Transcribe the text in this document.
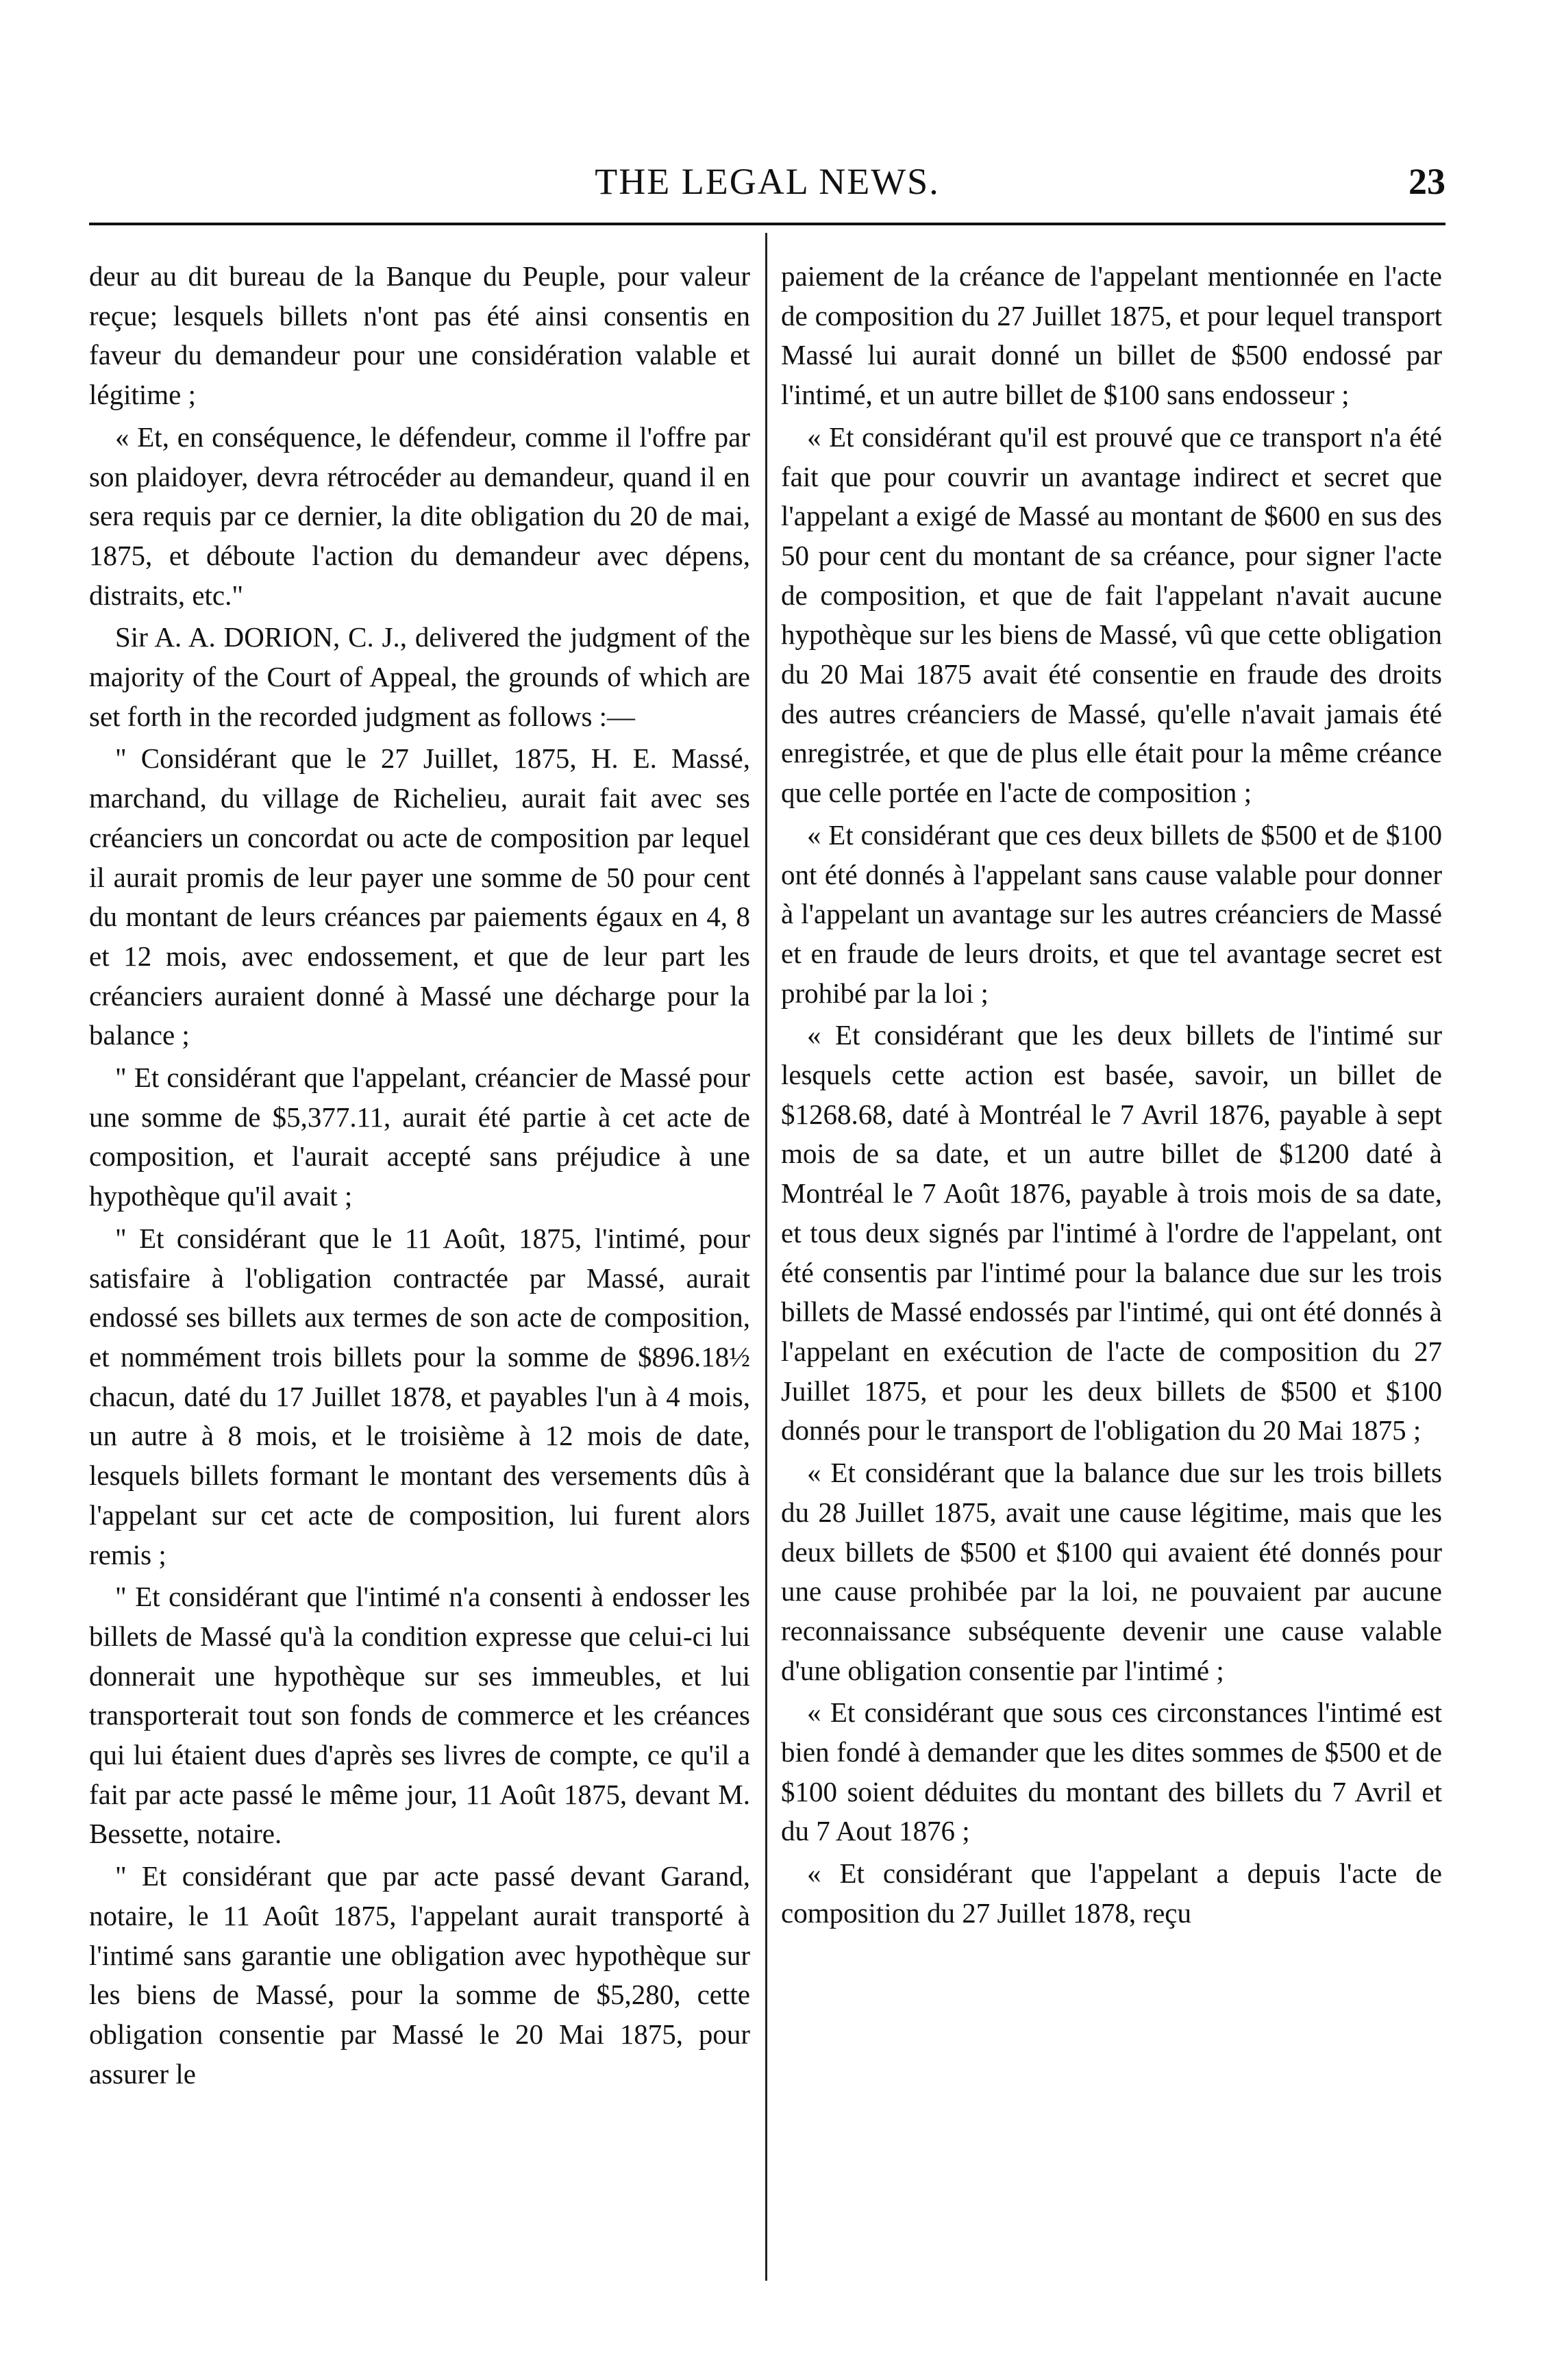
THE LEGAL NEWS.	23

deur au dit bureau de la Banque du Peuple, pour valeur reçue; lesquels billets n'ont pas été ainsi consentis en faveur du demandeur pour une considération valable et légitime ;

« Et, en conséquence, le défendeur, comme il l'offre par son plaidoyer, devra rétrocéder au demandeur, quand il en sera requis par ce dernier, la dite obligation du 20 de mai, 1875, et déboute l'action du demandeur avec dépens, distraits, etc."

Sir A. A. DORION, C. J., delivered the judgment of the majority of the Court of Appeal, the grounds of which are set forth in the recorded judgment as follows :—

" Considérant que le 27 Juillet, 1875, H. E. Massé, marchand, du village de Richelieu, aurait fait avec ses créanciers un concordat ou acte de composition par lequel il aurait promis de leur payer une somme de 50 pour cent du montant de leurs créances par paiements égaux en 4, 8 et 12 mois, avec endossement, et que de leur part les créanciers auraient donné à Massé une décharge pour la balance ;

" Et considérant que l'appelant, créancier de Massé pour une somme de $5,377.11, aurait été partie à cet acte de composition, et l'aurait accepté sans préjudice à une hypothèque qu'il avait ;

" Et considérant que le 11 Août, 1875, l'intimé, pour satisfaire à l'obligation contractée par Massé, aurait endossé ses billets aux termes de son acte de composition, et nommément trois billets pour la somme de $896.18½ chacun, daté du 17 Juillet 1878, et payables l'un à 4 mois, un autre à 8 mois, et le troisième à 12 mois de date, lesquels billets formant le montant des versements dûs à l'appelant sur cet acte de composition, lui furent alors remis ;

" Et considérant que l'intimé n'a consenti à endosser les billets de Massé qu'à la condition expresse que celui-ci lui donnerait une hypothèque sur ses immeubles, et lui transporterait tout son fonds de commerce et les créances qui lui étaient dues d'après ses livres de compte, ce qu'il a fait par acte passé le même jour, 11 Août 1875, devant M. Bessette, notaire.

" Et considérant que par acte passé devant Garand, notaire, le 11 Août 1875, l'appelant aurait transporté à l'intimé sans garantie une obligation avec hypothèque sur les biens de Massé, pour la somme de $5,280, cette obligation consentie par Massé le 20 Mai 1875, pour assurer le

paiement de la créance de l'appelant mentionnée en l'acte de composition du 27 Juillet 1875, et pour lequel transport Massé lui aurait donné un billet de $500 endossé par l'intimé, et un autre billet de $100 sans endosseur ;

« Et considérant qu'il est prouvé que ce transport n'a été fait que pour couvrir un avantage indirect et secret que l'appelant a exigé de Massé au montant de $600 en sus des 50 pour cent du montant de sa créance, pour signer l'acte de composition, et que de fait l'appelant n'avait aucune hypothèque sur les biens de Massé, vû que cette obligation du 20 Mai 1875 avait été consentie en fraude des droits des autres créanciers de Massé, qu'elle n'avait jamais été enregistrée, et que de plus elle était pour la même créance que celle portée en l'acte de composition ;

« Et considérant que ces deux billets de $500 et de $100 ont été donnés à l'appelant sans cause valable pour donner à l'appelant un avantage sur les autres créanciers de Massé et en fraude de leurs droits, et que tel avantage secret est prohibé par la loi ;

« Et considérant que les deux billets de l'intimé sur lesquels cette action est basée, savoir, un billet de $1268.68, daté à Montréal le 7 Avril 1876, payable à sept mois de sa date, et un autre billet de $1200 daté à Montréal le 7 Août 1876, payable à trois mois de sa date, et tous deux signés par l'intimé à l'ordre de l'appelant, ont été consentis par l'intimé pour la balance due sur les trois billets de Massé endossés par l'intimé, qui ont été donnés à l'appelant en exécution de l'acte de composition du 27 Juillet 1875, et pour les deux billets de $500 et $100 donnés pour le transport de l'obligation du 20 Mai 1875 ;

« Et considérant que la balance due sur les trois billets du 28 Juillet 1875, avait une cause légitime, mais que les deux billets de $500 et $100 qui avaient été donnés pour une cause prohibée par la loi, ne pouvaient par aucune reconnaissance subséquente devenir une cause valable d'une obligation consentie par l'intimé ;

« Et considérant que sous ces circonstances l'intimé est bien fondé à demander que les dites sommes de $500 et de $100 soient déduites du montant des billets du 7 Avril et du 7 Aout 1876 ;

« Et considérant que l'appelant a depuis l'acte de composition du 27 Juillet 1878, reçu
